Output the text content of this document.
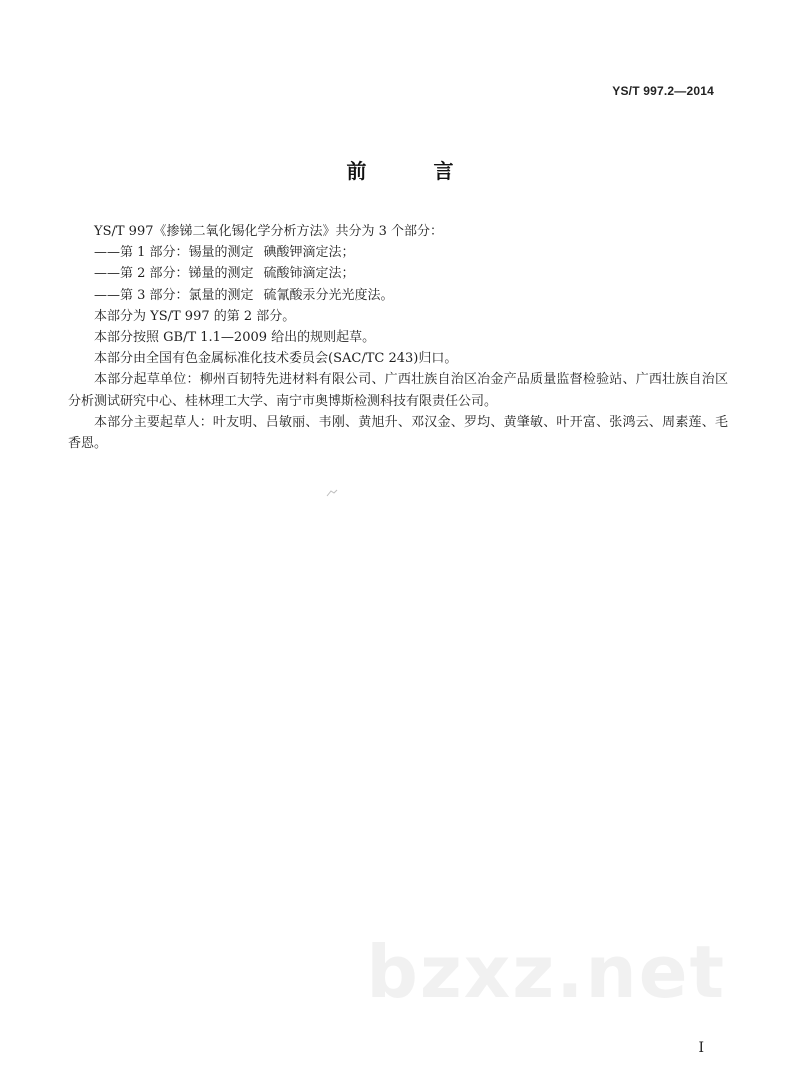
YS/T 997.2—2014
前 言

YS/T 997《掺锑二氧化锡化学分析方法》共分为 3 个部分：

——第 1 部分：锡量的测定 碘酸钾滴定法；

——第 2 部分：锑量的测定 硫酸铈滴定法；

——第 3 部分：氯量的测定 硫氰酸汞分光光度法。

本部分为 YS/T 997 的第 2 部分。

本部分按照 GB/T 1.1—2009 给出的规则起草。

本部分由全国有色金属标准化技术委员会(SAC/TC 243)归口。

本部分起草单位：柳州百韧特先进材料有限公司、广西壮族自治区冶金产品质量监督检验站、广西壮族自治区分析测试研究中心、桂林理工大学、南宁市奥博斯检测科技有限责任公司。

本部分主要起草人：叶友明、吕敏丽、韦刚、黄旭升、邓汉金、罗均、黄肇敏、叶开富、张鸿云、周素莲、毛香恩。

bzxz.net
I
